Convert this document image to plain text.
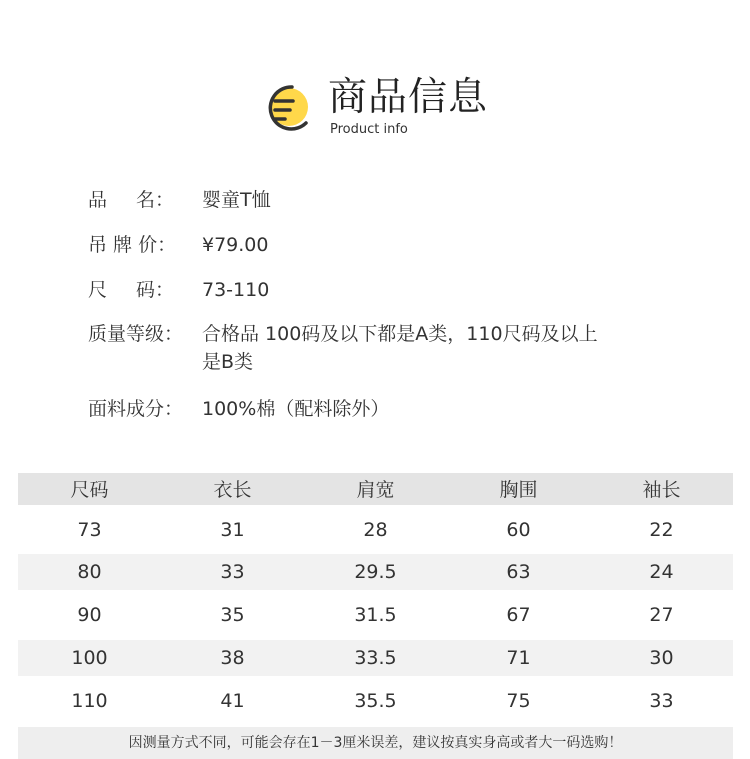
商品信息
Product info
品 名： 婴童T恤
吊 牌 价：	¥79.00
尺 码： 73-110
质量等级： 合格品 100码及以下都是A类，110尺码及以上
是B类
面料成分： 100%棉（配料除外）
尺码	衣长	肩宽	胸围	袖长
73	31	28	60	22
80	33	29.5	63	24
90	35	31.5	67	27
100	38	33.5	71	30
110	41	35.5	75	33
因测量方式不同，可能会存在1－3厘米误差，建议按真实身高或者大一码选购！
